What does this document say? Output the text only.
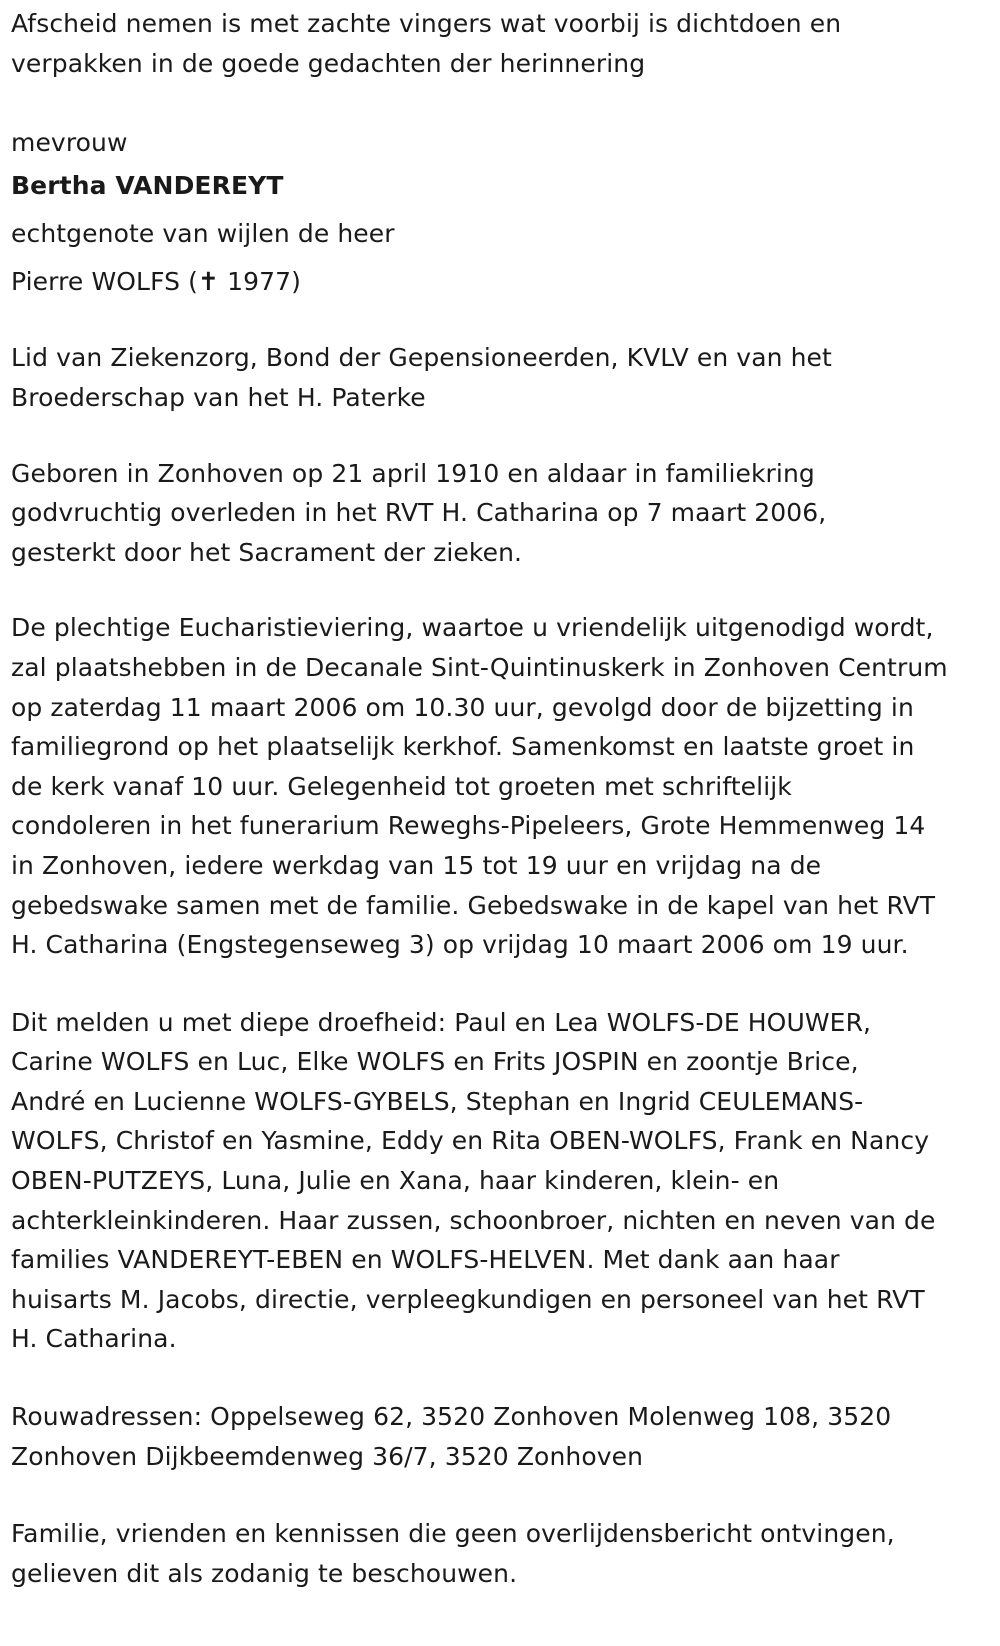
Afscheid nemen is met zachte vingers wat voorbij is dichtdoen en
verpakken in de goede gedachten der herinnering

mevrouw

Bertha VANDEREYT

echtgenote van wijlen de heer

Pierre WOLFS (✝ 1977)

Lid van Ziekenzorg, Bond der Gepensioneerden, KVLV en van het
Broederschap van het H. Paterke

Geboren in Zonhoven op 21 april 1910 en aldaar in familiekring
godvruchtig overleden in het RVT H. Catharina op 7 maart 2006,
gesterkt door het Sacrament der zieken.

De plechtige Eucharistieviering, waartoe u vriendelijk uitgenodigd wordt,
zal plaatshebben in de Decanale Sint-Quintinuskerk in Zonhoven Centrum
op zaterdag 11 maart 2006 om 10.30 uur, gevolgd door de bijzetting in
familiegrond op het plaatselijk kerkhof. Samenkomst en laatste groet in
de kerk vanaf 10 uur. Gelegenheid tot groeten met schriftelijk
condoleren in het funerarium Reweghs-Pipeleers, Grote Hemmenweg 14
in Zonhoven, iedere werkdag van 15 tot 19 uur en vrijdag na de
gebedswake samen met de familie. Gebedswake in de kapel van het RVT
H. Catharina (Engstegenseweg 3) op vrijdag 10 maart 2006 om 19 uur.

Dit melden u met diepe droefheid: Paul en Lea WOLFS-DE HOUWER,
Carine WOLFS en Luc, Elke WOLFS en Frits JOSPIN en zoontje Brice,
André en Lucienne WOLFS-GYBELS, Stephan en Ingrid CEULEMANS-
WOLFS, Christof en Yasmine, Eddy en Rita OBEN-WOLFS, Frank en Nancy
OBEN-PUTZEYS, Luna, Julie en Xana, haar kinderen, klein- en
achterkleinkinderen. Haar zussen, schoonbroer, nichten en neven van de
families VANDEREYT-EBEN en WOLFS-HELVEN. Met dank aan haar
huisarts M. Jacobs, directie, verpleegkundigen en personeel van het RVT
H. Catharina.

Rouwadressen: Oppelseweg 62, 3520 Zonhoven Molenweg 108, 3520
Zonhoven Dijkbeemdenweg 36/7, 3520 Zonhoven

Familie, vrienden en kennissen die geen overlijdensbericht ontvingen,
gelieven dit als zodanig te beschouwen.
